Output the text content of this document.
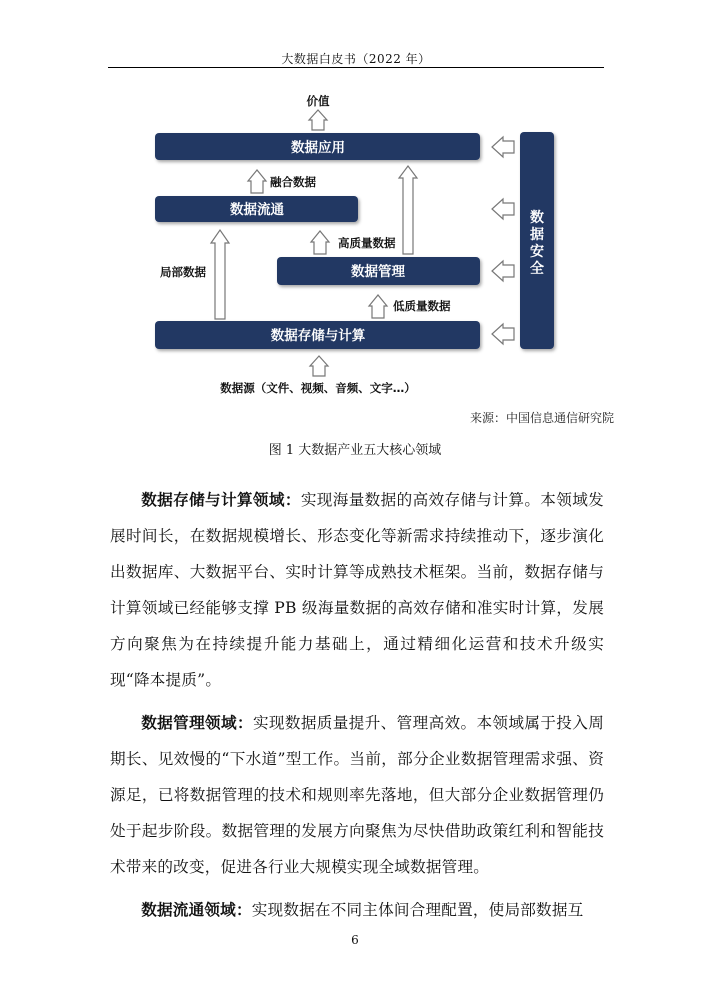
大数据白皮书（2022 年）
数据应用
数据流通
数据管理
数据存储与计算
数
据
安
全
价值
融合数据
局部数据
高质量数据
低质量数据
数据源（文件、视频、音频、文字…）
来源：中国信息通信研究院
图 1 大数据产业五大核心领域

数据存储与计算领域：实现海量数据的高效存储与计算。本领域发展时间长，在数据规模增长、形态变化等新需求持续推动下，逐步演化出数据库、大数据平台、实时计算等成熟技术框架。当前，数据存储与计算领域已经能够支撑 PB 级海量数据的高效存储和准实时计算，发展方向聚焦为在持续提升能力基础上，通过精细化运营和技术升级实现“降本提质”。

数据管理领域：实现数据质量提升、管理高效。本领域属于投入周期长、见效慢的“下水道”型工作。当前，部分企业数据管理需求强、资源足，已将数据管理的技术和规则率先落地，但大部分企业数据管理仍处于起步阶段。数据管理的发展方向聚焦为尽快借助政策红利和智能技术带来的改变，促进各行业大规模实现全域数据管理。

数据流通领域：实现数据在不同主体间合理配置，使局部数据互

6
